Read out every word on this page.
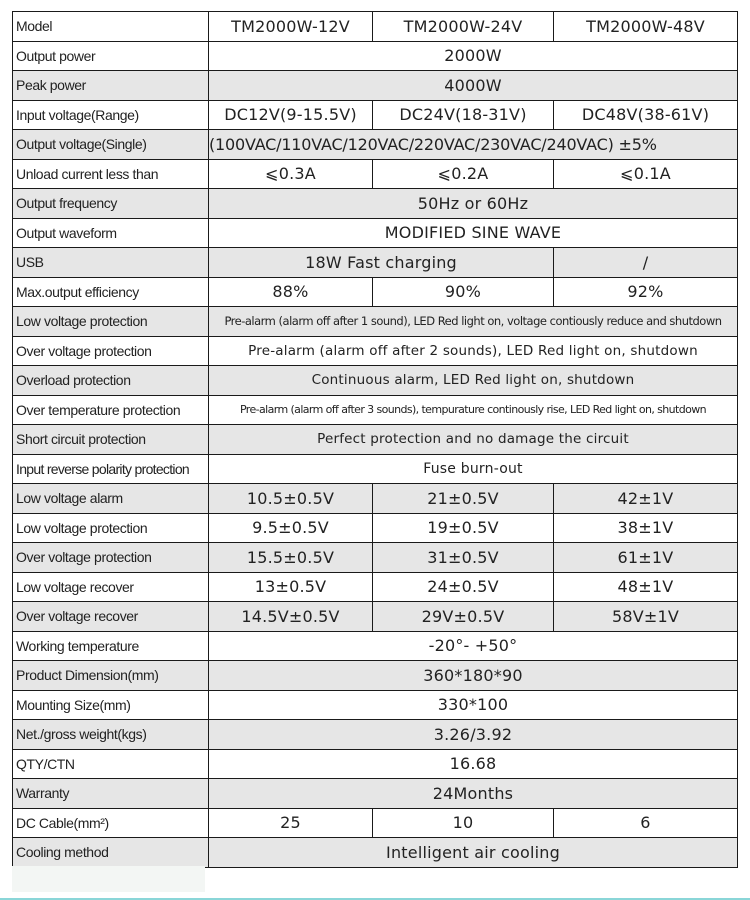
Model	TM2000W-12V	TM2000W-24V	TM2000W-48V
Output power	2000W		
Peak power	4000W		
Input voltage(Range)	DC12V(9-15.5V)	DC24V(18-31V)	DC48V(38-61V)
Output voltage(Single)	(100VAC/110VAC/120VAC/220VAC/230VAC/240VAC) ±5%		
Unload current less than	⩽0.3A	⩽0.2A	⩽0.1A
Output frequency	50Hz or 60Hz		
Output waveform	MODIFIED SINE WAVE		
USB	18W Fast charging		/
Max.output efficiency	88%	90%	92%
Low voltage protection	Pre-alarm (alarm off after 1 sound), LED Red light on, voltage contiously reduce and shutdown		
Over voltage protection	Pre-alarm (alarm off after 2 sounds), LED Red light on, shutdown		
Overload protection	Continuous alarm, LED Red light on, shutdown		
Over temperature protection	Pre-alarm (alarm off after 3 sounds), tempurature continously rise, LED Red light on, shutdown		
Short circuit protection	Perfect protection and no damage the circuit		
Input reverse polarity protection	Fuse burn-out		
Low voltage alarm	10.5±0.5V	21±0.5V	42±1V
Low voltage protection	9.5±0.5V	19±0.5V	38±1V
Over voltage protection	15.5±0.5V	31±0.5V	61±1V
Low voltage recover	13±0.5V	24±0.5V	48±1V
Over voltage recover	14.5V±0.5V	29V±0.5V	58V±1V
Working temperature	-20°- +50°		
Product Dimension(mm)	360*180*90		
Mounting Size(mm)	330*100		
Net./gross weight(kgs)	3.26/3.92		
QTY/CTN	16.68		
Warranty	24Months		
DC Cable(mm²)	25	10	6
Cooling method	Intelligent air cooling		
